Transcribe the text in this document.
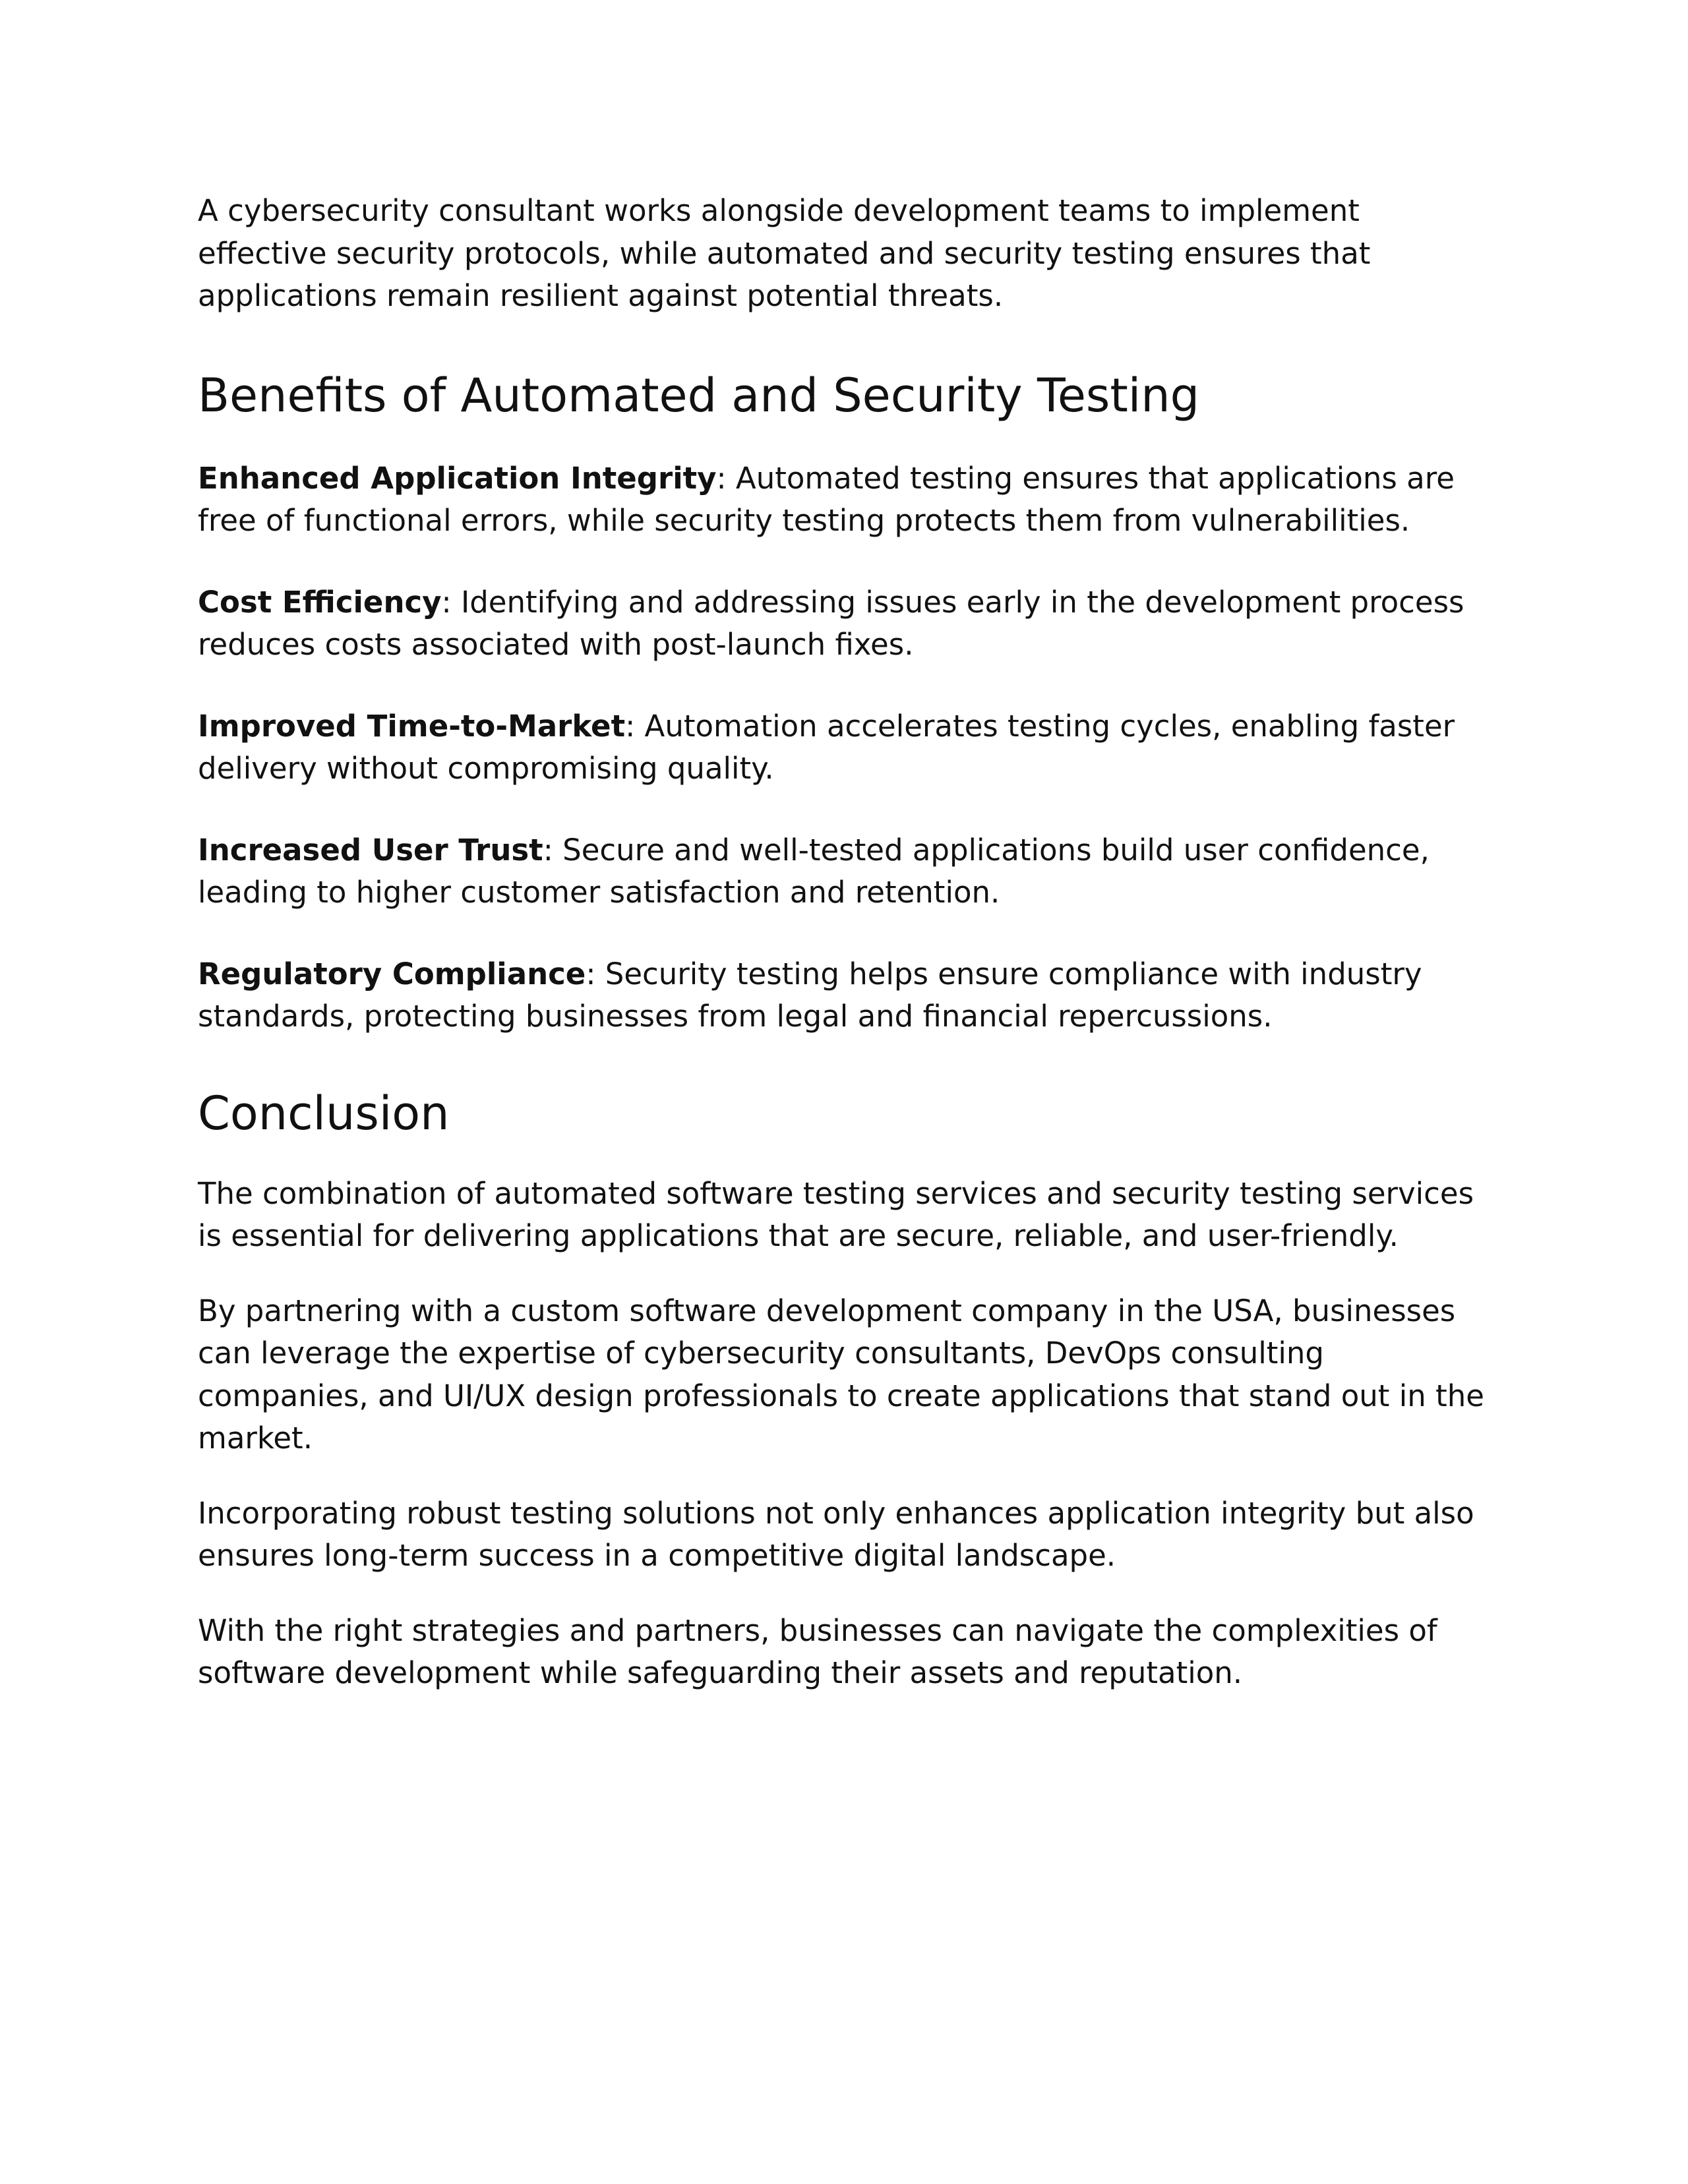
A cybersecurity consultant works alongside development teams to implement effective security protocols, while automated and security testing ensures that applications remain resilient against potential threats.

Benefits of Automated and Security Testing

Enhanced Application Integrity: Automated testing ensures that applications are free of functional errors, while security testing protects them from vulnerabilities.

Cost Efficiency: Identifying and addressing issues early in the development process reduces costs associated with post-launch fixes.

Improved Time-to-Market: Automation accelerates testing cycles, enabling faster delivery without compromising quality.

Increased User Trust: Secure and well-tested applications build user confidence, leading to higher customer satisfaction and retention.

Regulatory Compliance: Security testing helps ensure compliance with industry standards, protecting businesses from legal and financial repercussions.

Conclusion

The combination of automated software testing services and security testing services is essential for delivering applications that are secure, reliable, and user-friendly.

By partnering with a custom software development company in the USA, businesses can leverage the expertise of cybersecurity consultants, DevOps consulting companies, and UI/UX design professionals to create applications that stand out in the market.

Incorporating robust testing solutions not only enhances application integrity but also ensures long-term success in a competitive digital landscape.

With the right strategies and partners, businesses can navigate the complexities of software development while safeguarding their assets and reputation.
